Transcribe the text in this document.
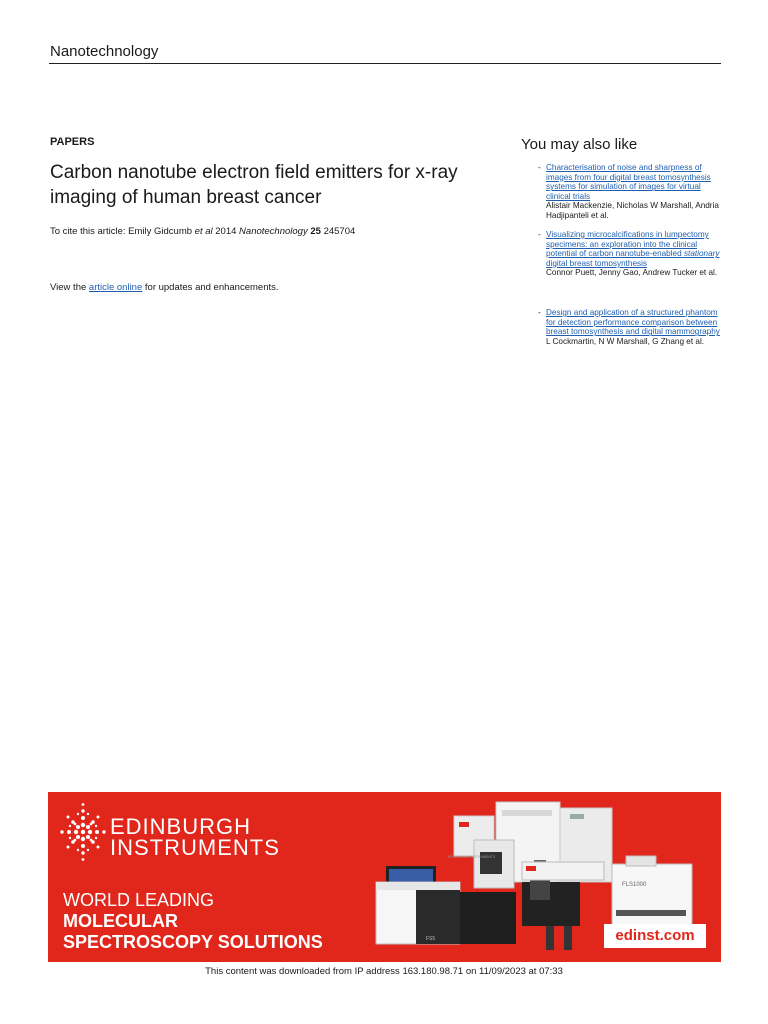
Nanotechnology
PAPERS
Carbon nanotube electron field emitters for x-ray imaging of human breast cancer
To cite this article: Emily Gidcumb et al 2014 Nanotechnology 25 245704
View the article online for updates and enhancements.
You may also like
- Characterisation of noise and sharpness of images from four digital breast tomosynthesis systems for simulation of images for virtual clinical trials
Alistair Mackenzie, Nicholas W Marshall, Andria Hadjipanteli et al.
- Visualizing microcalcifications in lumpectomy specimens: an exploration into the clinical potential of carbon nanotube-enabled stationary digital breast tomosynthesis
Connor Puett, Jenny Gao, Andrew Tucker et al.
- Design and application of a structured phantom for detection performance comparison between breast tomosynthesis and digital mammography
L Cockmartin, N W Marshall, G Zhang et al.
EDINBURGH
INSTRUMENTS
WORLD LEADING
MOLECULAR
SPECTROSCOPY SOLUTIONS	FS5
FLS1000
EDINBURGH INSTRUMENTS
edinst.com
This content was downloaded from IP address 163.180.98.71 on 11/09/2023 at 07:33
